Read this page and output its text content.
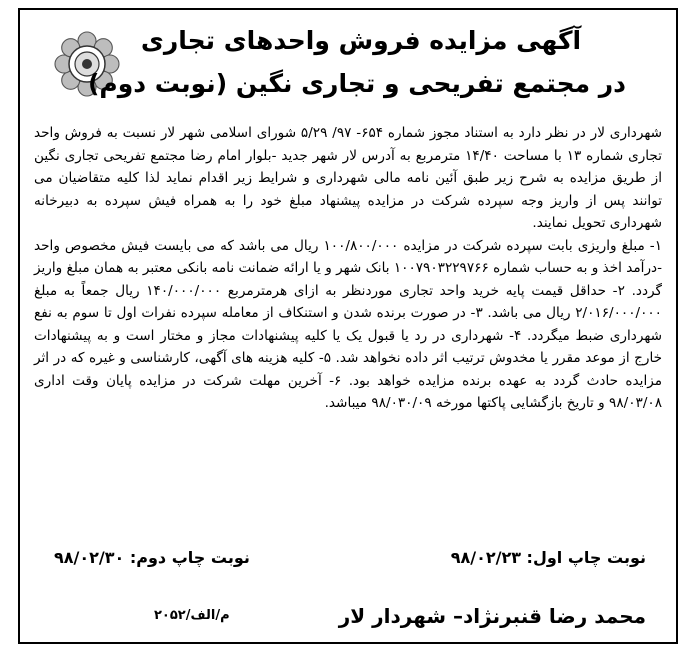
آگهی مزایده فروش واحدهای تجاری
در مجتمع تفریحی و تجاری نگین (نوبت دوم)

شهرداری لار در نظر دارد به استناد مجوز شماره ۶۵۴- ۹۷/ ۵/۲۹ شورای اسلامی شهر لار نسبت به فروش واحد تجاری شماره ۱۳ با مساحت ۱۴/۴۰ مترمربع به آدرس لار شهر جدید -بلوار امام رضا مجتمع تفریحی تجاری نگین از طریق مزایده به شرح زیر طبق آئین نامه مالی شهرداری و شرایط زیر اقدام نماید لذا کلیه متقاضیان می توانند پس از واریز وجه سپرده شرکت در مزایده پیشنهاد مبلغ خود را به همراه فیش سپرده به دبیرخانه شهرداری تحویل نمایند.

۱- مبلغ واریزی بابت سپرده شرکت در مزایده ۱۰۰/۸۰۰/۰۰۰ ریال می باشد که می بایست فیش مخصوص واحد -درآمد اخذ و به حساب شماره ۱۰۰۷۹۰۳۲۲۹۷۶۶ بانک شهر و یا ارائه ضمانت نامه بانکی معتبر به همان مبلغ واریز گردد. ۲- حداقل قیمت پایه خرید واحد تجاری موردنظر به ازای هرمترمربع ۱۴۰/۰۰۰/۰۰۰ ریال جمعاً به مبلغ ۲/۰۱۶/۰۰۰/۰۰۰ ریال می باشد. ۳- در صورت برنده شدن و استنکاف از معامله سپرده نفرات اول تا سوم به نفع شهرداری ضبط میگردد. ۴- شهرداری در رد یا قبول یک یا کلیه پیشنهادات مجاز و مختار است و به پیشنهادات خارج از موعد مقرر یا مخدوش ترتیب اثر داده نخواهد شد. ۵- کلیه هزینه های آگهی، کارشناسی و غیره که در اثر مزایده حادث گردد به عهده برنده مزایده خواهد بود. ۶- آخرین مهلت شرکت در مزایده پایان وقت اداری ۹۸/۰۳/۰۸ و تاریخ بازگشایی پاکتها مورخه ۹۸/۰۳۰/۰۹ میباشد.

نوبت چاپ اول: ۹۸/۰۲/۲۳
نوبت چاپ دوم: ۹۸/۰۲/۳۰
محمد رضا قنبرنژاد– شهردار لار
م/الف/۲۰۵۲
